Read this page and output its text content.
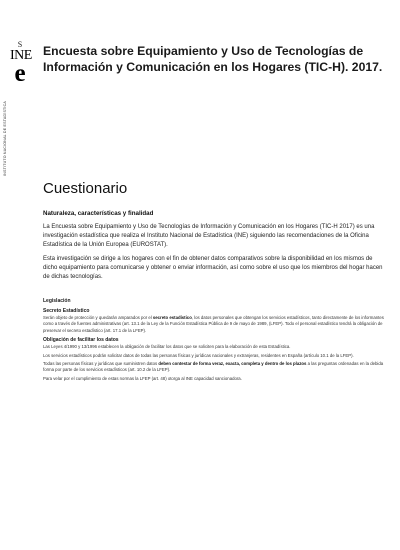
S
INE
e
INSTITUTO NACIONAL DE ESTADÍSTICA
Encuesta sobre Equipamiento y Uso de Tecnologías de Información y Comunicación en los Hogares (TIC-H). 2017.
Cuestionario
Naturaleza, características y finalidad

La Encuesta sobre Equipamiento y Uso de Tecnologías de Información y Comunicación en los Hogares (TIC-H 2017) es una investigación estadística que realiza el Instituto Nacional de Estadística (INE) siguiendo las recomendaciones de la Oficina Estadística de la Unión Europea (EUROSTAT).

Esta investigación se dirige a los hogares con el fin de obtener datos comparativos sobre la disponibilidad en los mismos de dicho equipamiento para comunicarse y obtener o enviar información, así como sobre el uso que los miembros del hogar hacen de dichas tecnologías.

Legislación
Secreto Estadístico

Serán objeto de protección y quedarán amparados por el secreto estadístico, los datos personales que obtengan los servicios estadísticos, tanto directamente de los informantes como a través de fuentes administrativas (art. 13.1 de la Ley de la Función Estadística Pública de 9 de mayo de 1989, (LFEP). Todo el personal estadístico tendrá la obligación de preservar el secreto estadístico (art. 17.1 de la LFEP).

Obligación de facilitar los datos

Las Leyes 4/1990 y 13/1996 establecen la obligación de facilitar los datos que se soliciten para la elaboración de esta Estadística.

Los servicios estadísticos podrán solicitar datos de todas las personas físicas y jurídicas nacionales y extranjeras, residentes en España (artículo 10.1 de la LFEP).

Todas las personas físicas y jurídicas que suministren datos deben contestar de forma veraz, exacta, completa y dentro de los plazos a las preguntas ordenadas en la debida forma por parte de los servicios estadísticos (art. 10.2 de la LFEP).

Para velar por el cumplimiento de estas normas la LFEP (art. 48) otorga al INE capacidad sancionadora.
